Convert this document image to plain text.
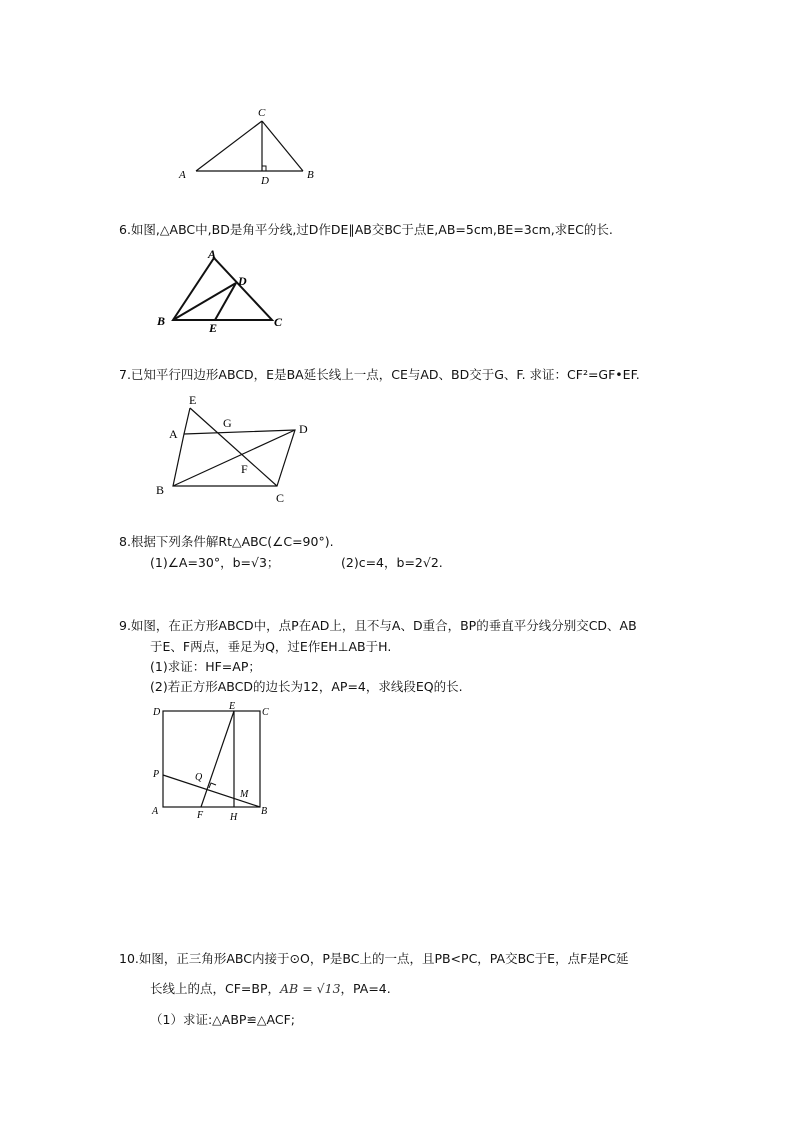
C
A	D	B
6.如图,△ABC中,BD是角平分线,过D作DE∥AB交BC于点E,AB=5cm,BE=3cm,求EC的长.
A
D
B	E	C
7.已知平行四边形ABCD，E是BA延长线上一点，CE与AD、BD交于G、F. 求证：CF²=GF•EF.
E
G
A	D
F
B
C
8.根据下列条件解Rt△ABC(∠C=90°).
(1)∠A=30°，b=√3；	(2)c=4，b=2√2.
9.如图，在正方形ABCD中，点P在AD上，且不与A、D重合，BP的垂直平分线分别交CD、AB
于E、F两点，垂足为Q，过E作EH⊥AB于H.
(1)求证：HF=AP；
(2)若正方形ABCD的边长为12，AP=4，求线段EQ的长.
D
E
C
P	Q
M
A	F	H
B
10.如图，正三角形ABC内接于⊙O，P是BC上的一点，且PB<PC，PA交BC于E，点F是PC延
长线上的点，CF=BP，AB = √13，PA=4.
（1）求证:△ABP≌△ACF;
